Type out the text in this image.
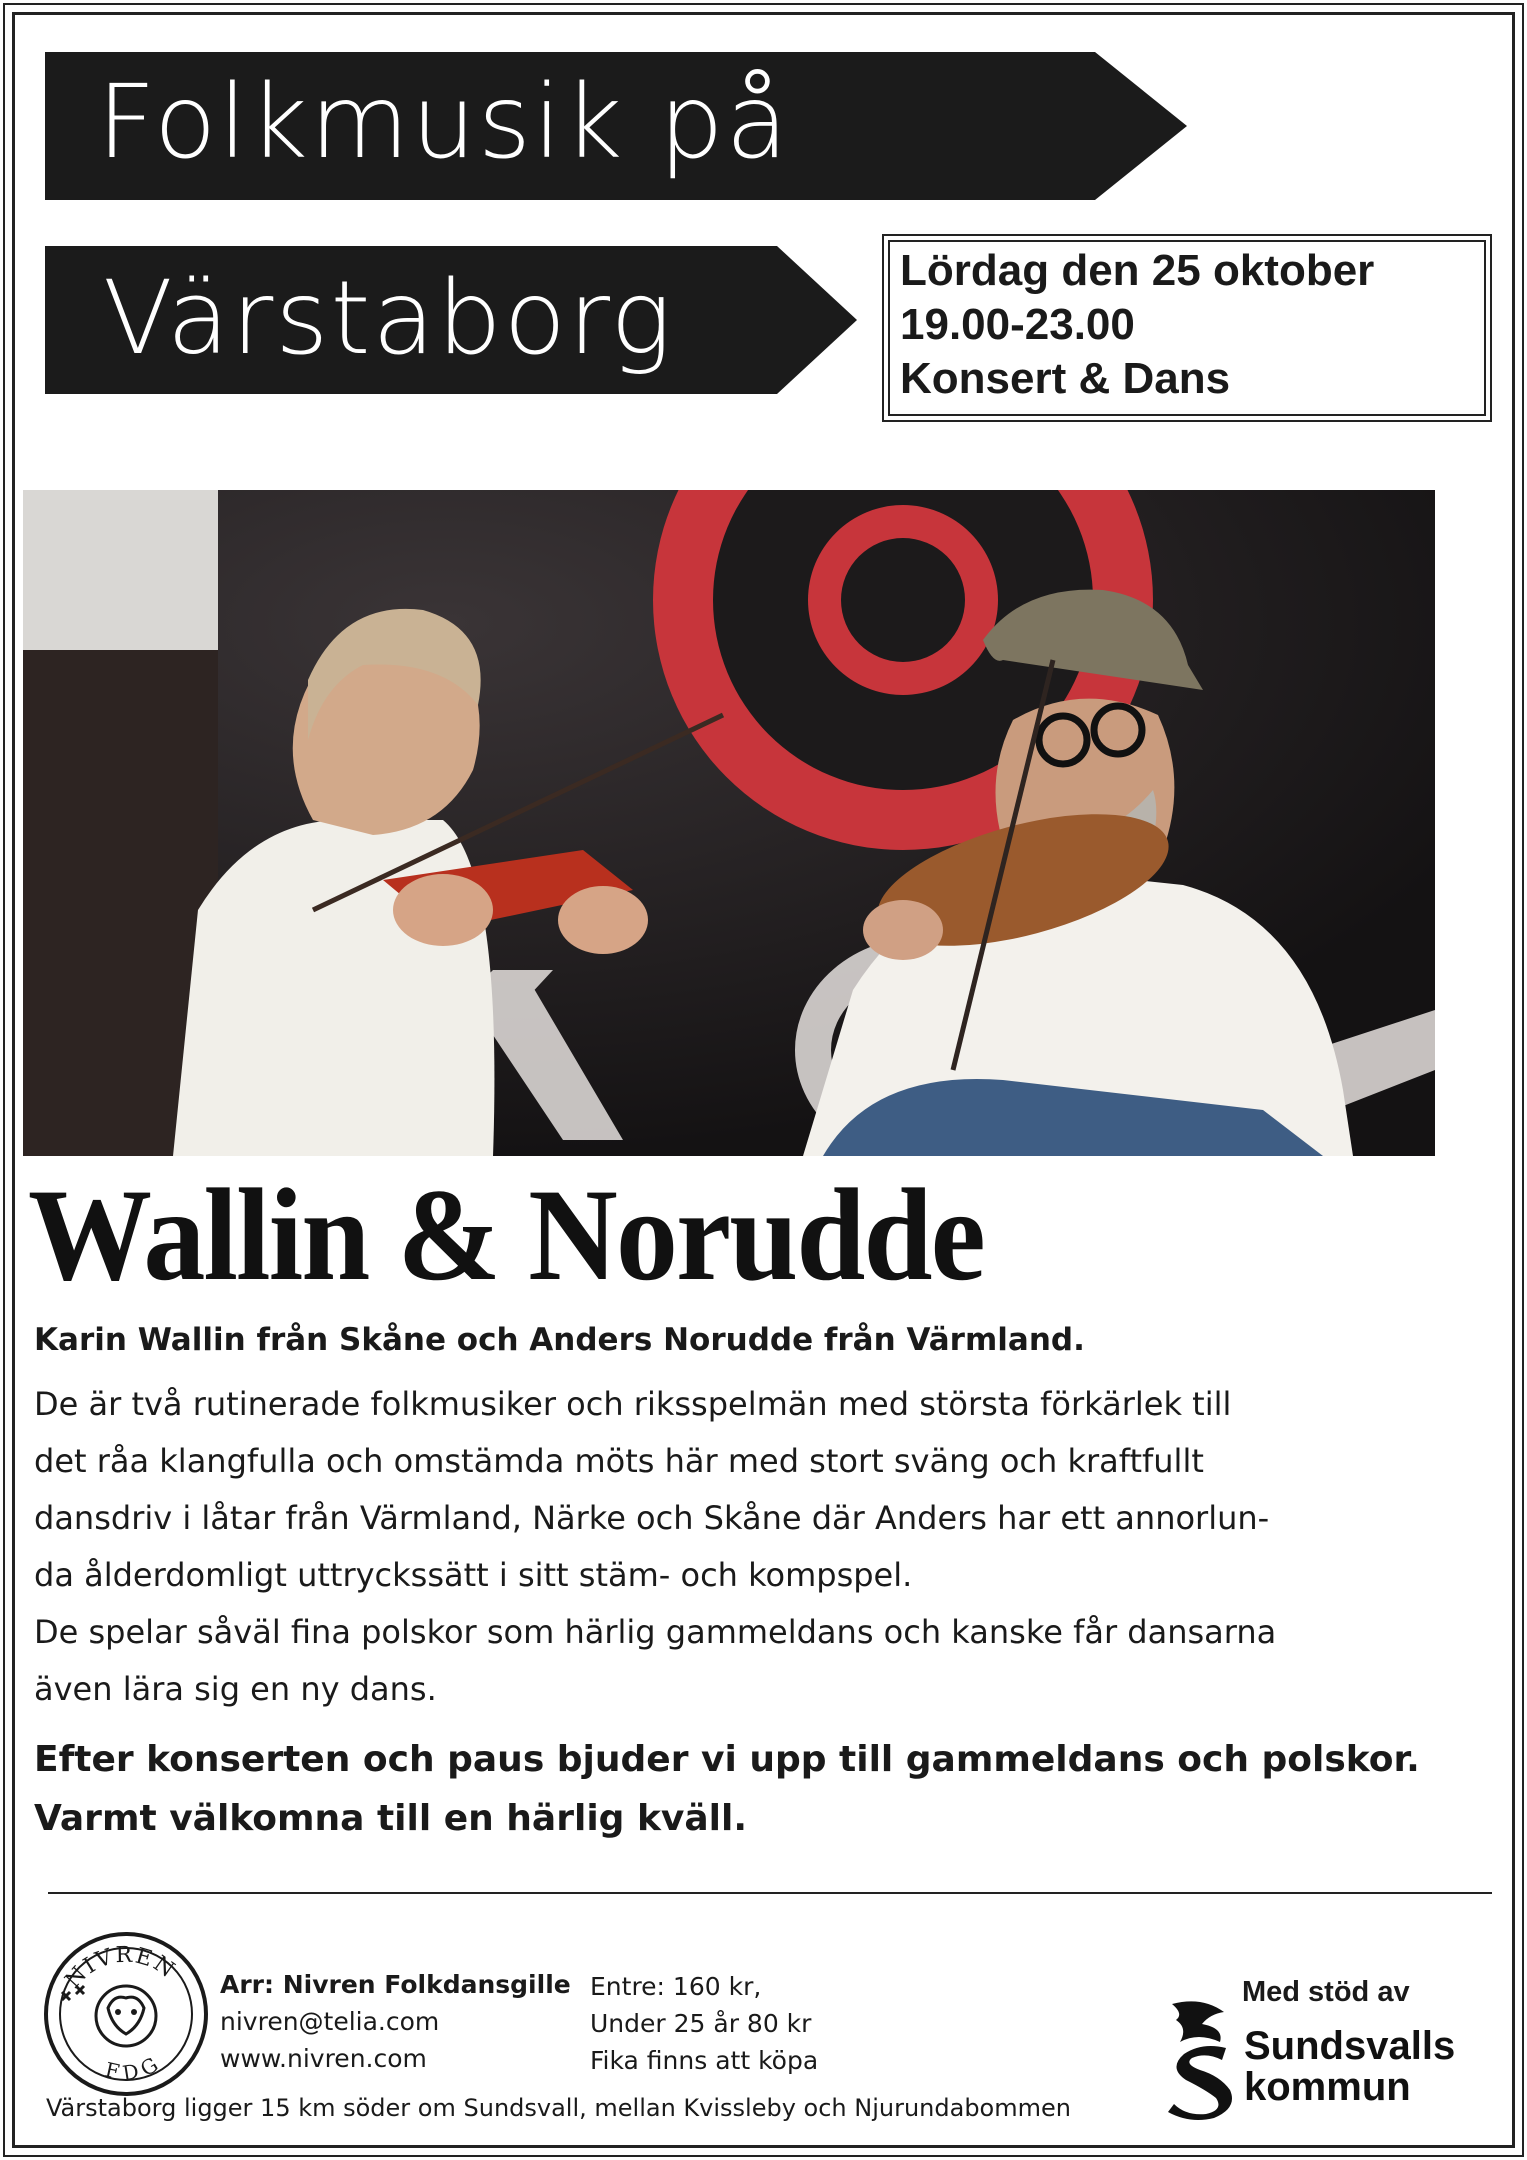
Folkmusik på
Värstaborg	Lördag den 25 oktober
19.00-23.00
Konsert & Dans
Wallin & Norudde
Karin Wallin från Skåne och Anders Norudde från Värmland.
De är två rutinerade folkmusiker och riksspelmän med största förkärlek till
det råa klangfulla och omstämda möts här med stort sväng och kraftfullt
dansdriv i låtar från Värmland, Närke och Skåne där Anders har ett annorlun-
da ålderdomligt uttryckssätt i sitt stäm- och kompspel.
De spelar såväl fina polskor som härlig gammeldans och kanske får dansarna
även lära sig en ny dans.
Efter konserten och paus bjuder vi upp till gammeldans och polskor.
Varmt välkomna till en härlig kväll.
NIVREN
FDG
Arr: Nivren Folkdansgille
nivren@telia.com
www.nivren.com
Entre: 160 kr,
Under 25 år 80 kr
Fika finns att köpa
Med stöd av
Sundsvalls
kommun
Värstaborg ligger 15 km söder om Sundsvall, mellan Kvissleby och Njurundabommen
